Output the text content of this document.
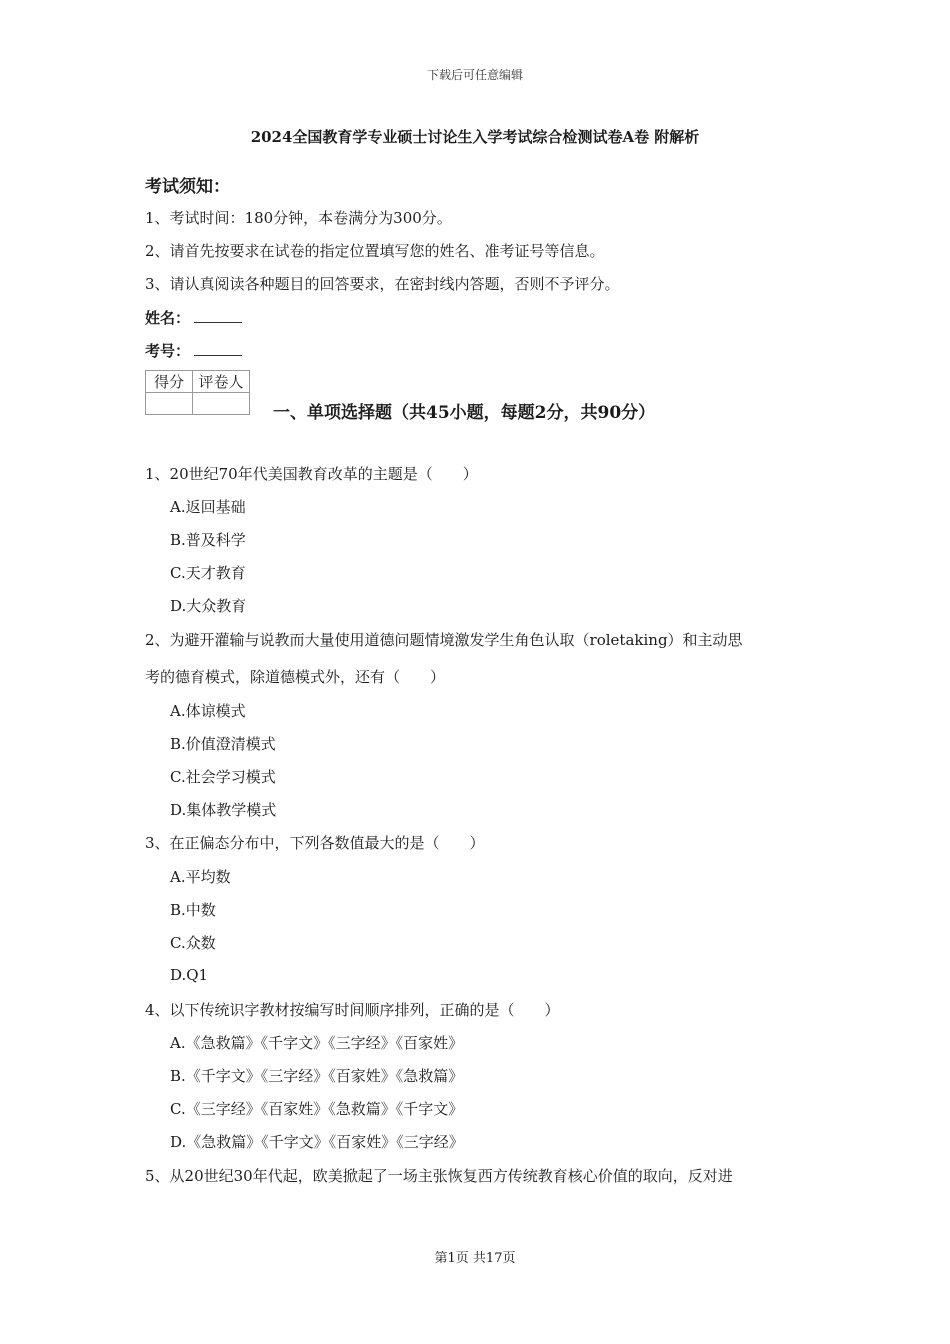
下载后可任意编辑
2024全国教育学专业硕士讨论生入学考试综合检测试卷A卷 附解析
考试须知：
1、考试时间：180分钟，本卷满分为300分。
2、请首先按要求在试卷的指定位置填写您的姓名、准考证号等信息。
3、请认真阅读各种题目的回答要求，在密封线内答题，否则不予评分。
姓名：
考号：
得分	评卷人

一、单项选择题（共45小题，每题2分，共90分）
1、20世纪70年代美国教育改革的主题是（　　）
A.返回基础
B.普及科学
C.天才教育
D.大众教育
2、为避开灌输与说教而大量使用道德问题情境激发学生角色认取（roletaking）和主动思
考的德育模式，除道德模式外，还有（　　）
A.体谅模式
B.价值澄清模式
C.社会学习模式
D.集体教学模式
3、在正偏态分布中，下列各数值最大的是（　　）
A.平均数
B.中数
C.众数
D.Q1
4、以下传统识字教材按编写时间顺序排列，正确的是（　　）
A.《急救篇》《千字文》《三字经》《百家姓》
B.《千字文》《三字经》《百家姓》《急救篇》
C.《三字经》《百家姓》《急救篇》《千字文》
D.《急救篇》《千字文》《百家姓》《三字经》
5、从20世纪30年代起，欧美掀起了一场主张恢复西方传统教育核心价值的取向，反对进
第1页 共17页
